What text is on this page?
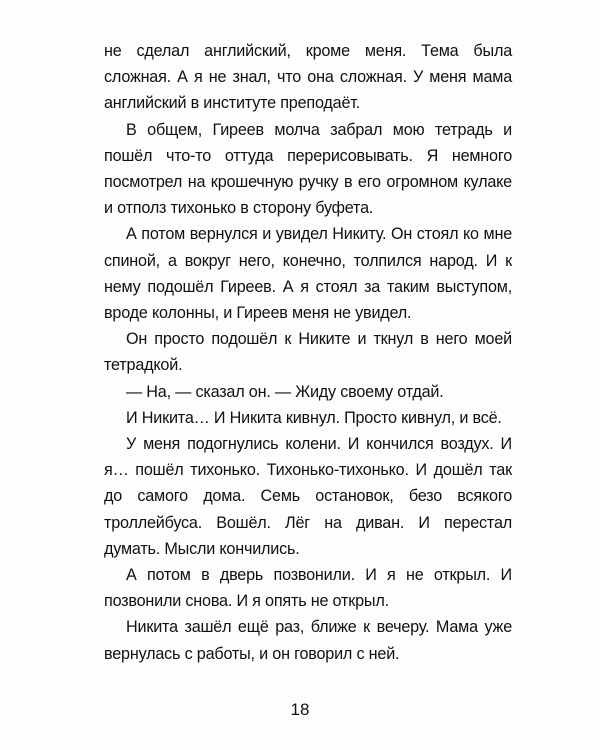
не сделал английский, кроме меня. Тема была сложная. А я не знал, что она сложная. У меня мама английский в институте преподаёт.

В общем, Гиреев молча забрал мою тетрадь и пошёл что-то оттуда перерисовывать. Я немного посмотрел на крошечную ручку в его огромном кулаке и отполз тихонько в сторону буфета.

А потом вернулся и увидел Никиту. Он стоял ко мне спиной, а вокруг него, конечно, толпился народ. И к нему подошёл Гиреев. А я стоял за таким выступом, вроде колонны, и Гиреев меня не увидел.

Он просто подошёл к Никите и ткнул в него моей тетрадкой.

— На, — сказал он. — Жиду своему отдай.

И Никита… И Никита кивнул. Просто кивнул, и всё.

У меня подогнулись колени. И кончился воздух. И я… пошёл тихонько. Тихонько-тихонько. И дошёл так до самого дома. Семь остановок, безо всякого троллейбуса. Вошёл. Лёг на диван. И перестал думать. Мысли кончились.

А потом в дверь позвонили. И я не открыл. И позвонили снова. И я опять не открыл.

Никита зашёл ещё раз, ближе к вечеру. Мама уже вернулась с работы, и он говорил с ней.

18
